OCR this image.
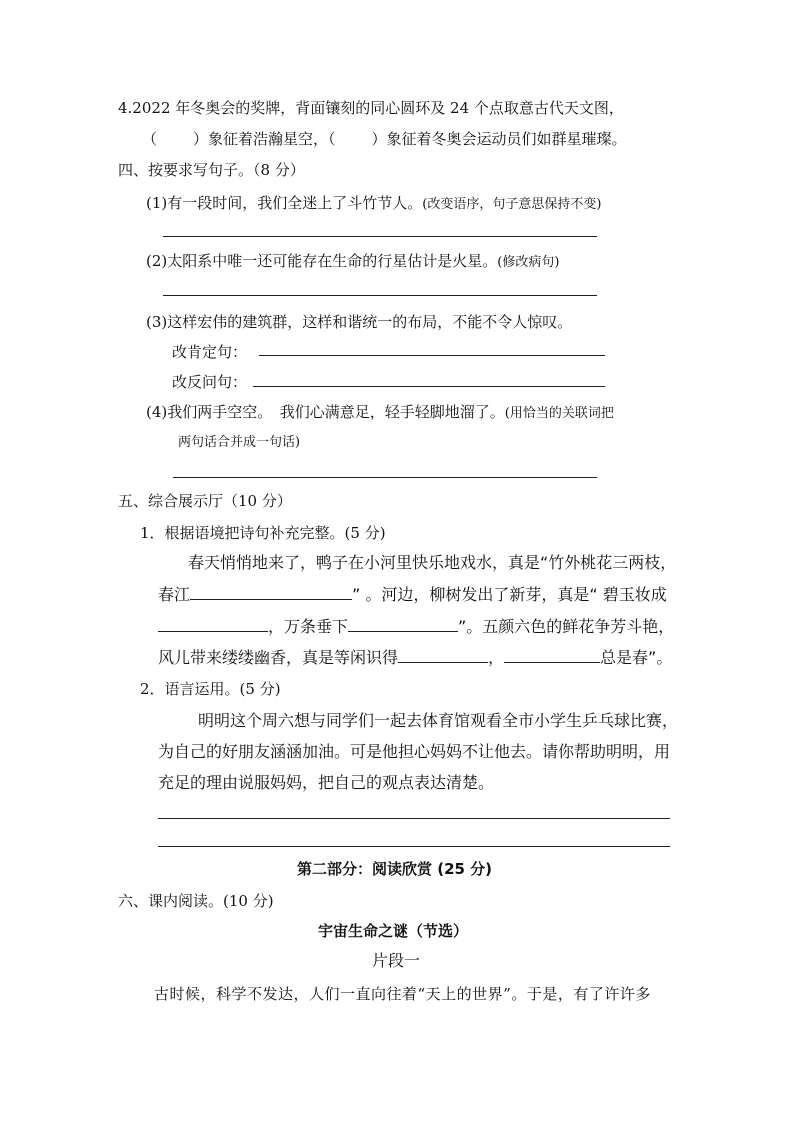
4.2022 年冬奥会的奖牌，背面镶刻的同心圆环及 24 个点取意古代天文图，
（ ）象征着浩瀚星空，（ ）象征着冬奥会运动员们如群星璀璨。
四、按要求写句子。（8 分）
(1)有一段时间，我们全迷上了斗竹节人。(改变语序，句子意思保持不变)
(2)太阳系中唯一还可能存在生命的行星估计是火星。(修改病句)
(3)这样宏伟的建筑群，这样和谐统一的布局，不能不令人惊叹。
改肯定句：
改反问句：
(4)我们两手空空。　我们心满意足，轻手轻脚地溜了。(用恰当的关联词把
两句话合并成一句话)
五、综合展示厅（10 分）
1．根据语境把诗句补充完整。(5 分)
春天悄悄地来了，鸭子在小河里快乐地戏水，真是“竹外桃花三两枝，
春江	” 。河边，柳树发出了新芽，真是“ 碧玉妆成
，万条垂下	”。五颜六色的鲜花争芳斗艳，
风儿带来缕缕幽香，真是等闲识得	，	总是春”。
2．语言运用。(5 分)
明明这个周六想与同学们一起去体育馆观看全市小学生乒乓球比赛，
为自己的好朋友涵涵加油。可是他担心妈妈不让他去。请你帮助明明，用
充足的理由说服妈妈，把自己的观点表达清楚。
第二部分：阅读欣赏 (25 分)
六、课内阅读。(10 分)
宇宙生命之谜（节选）
片段一
古时候，科学不发达，人们一直向往着“天上的世界”。于是，有了许许多
